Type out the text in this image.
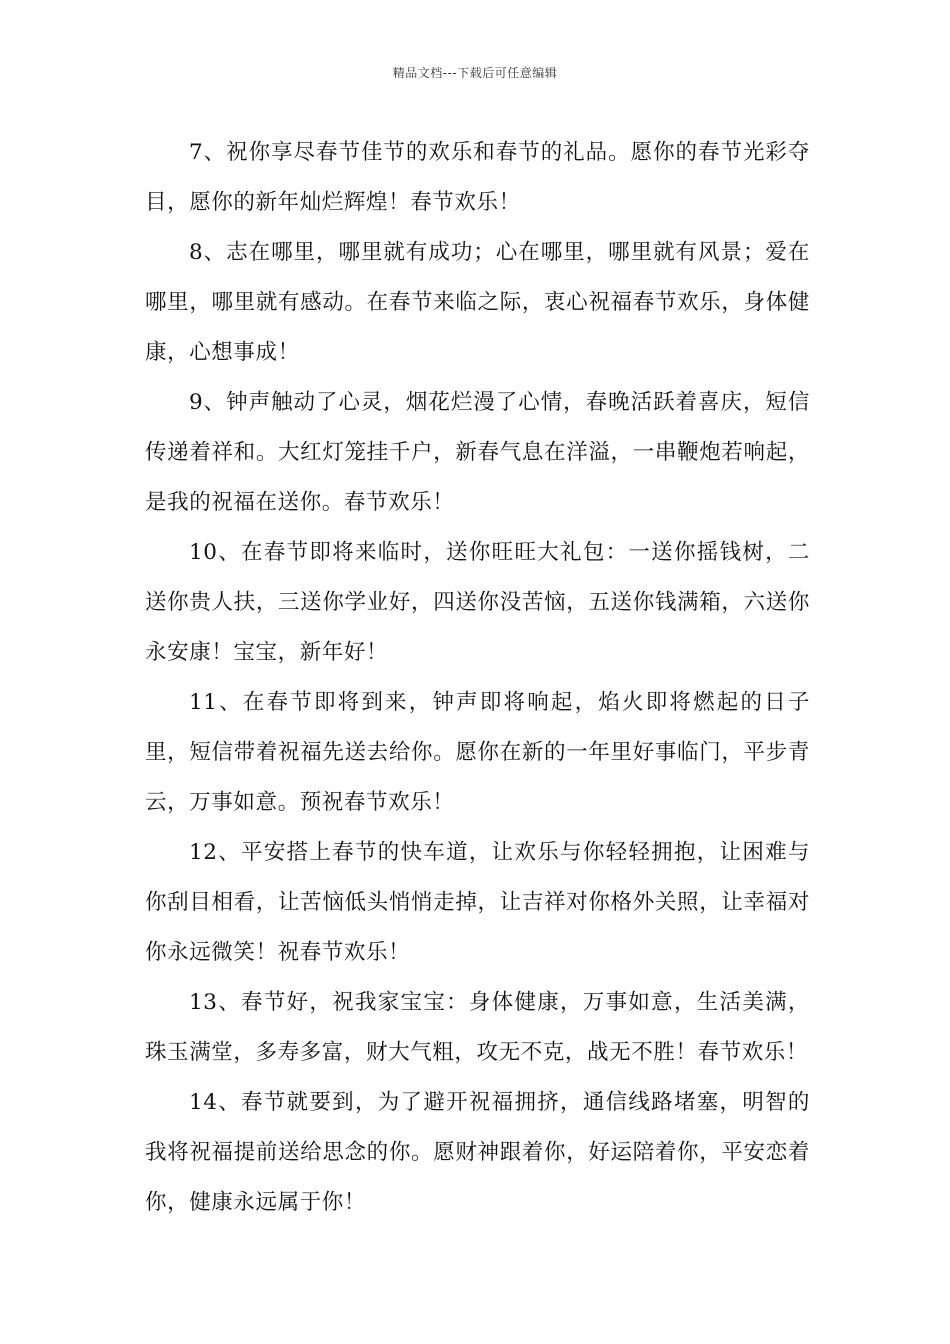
精品文档---下载后可任意编辑

7、祝你享尽春节佳节的欢乐和春节的礼品。愿你的春节光彩夺目，愿你的新年灿烂辉煌！春节欢乐！

8、志在哪里，哪里就有成功；心在哪里，哪里就有风景；爱在哪里，哪里就有感动。在春节来临之际，衷心祝福春节欢乐，身体健康，心想事成！

9、钟声触动了心灵，烟花烂漫了心情，春晚活跃着喜庆，短信传递着祥和。大红灯笼挂千户，新春气息在洋溢，一串鞭炮若响起，是我的祝福在送你。春节欢乐！

10、在春节即将来临时，送你旺旺大礼包：一送你摇钱树，二送你贵人扶，三送你学业好，四送你没苦恼，五送你钱满箱，六送你永安康！宝宝，新年好！

11、在春节即将到来，钟声即将响起，焰火即将燃起的日子里，短信带着祝福先送去给你。愿你在新的一年里好事临门，平步青云，万事如意。预祝春节欢乐！

12、平安搭上春节的快车道，让欢乐与你轻轻拥抱，让困难与你刮目相看，让苦恼低头悄悄走掉，让吉祥对你格外关照，让幸福对你永远微笑！祝春节欢乐！

13、春节好，祝我家宝宝：身体健康，万事如意，生活美满，珠玉满堂，多寿多富，财大气粗，攻无不克，战无不胜！春节欢乐！

14、春节就要到，为了避开祝福拥挤，通信线路堵塞，明智的我将祝福提前送给思念的你。愿财神跟着你，好运陪着你，平安恋着你，健康永远属于你！
